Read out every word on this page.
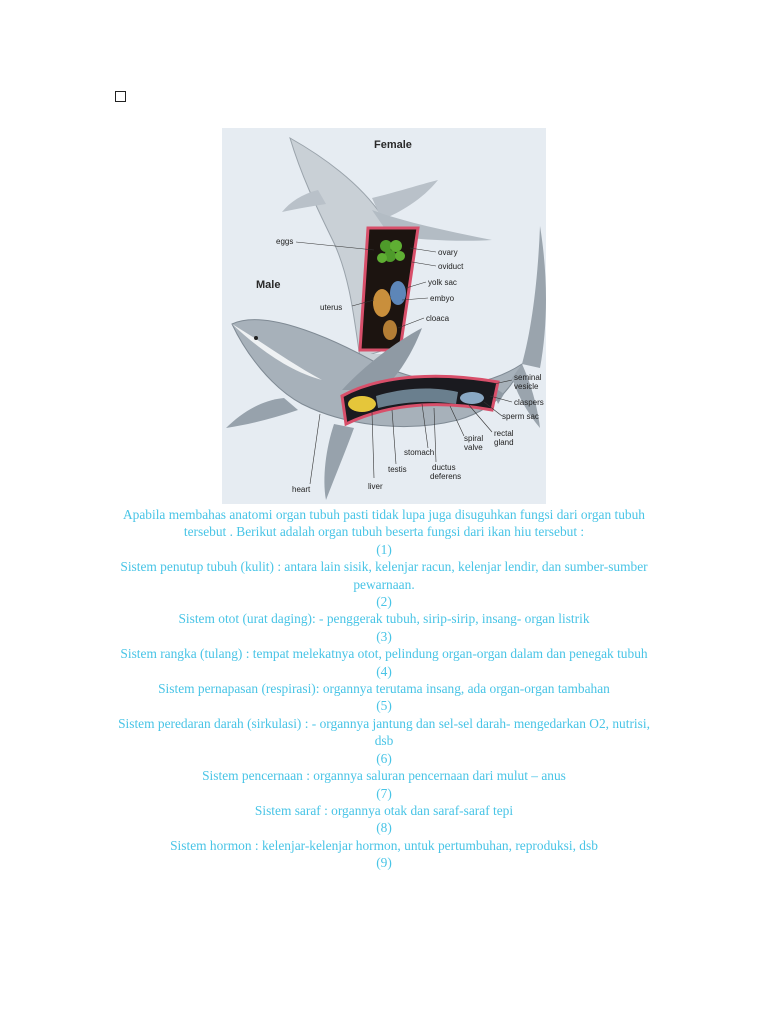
Female
Male
eggs
ovary
oviduct
yolk sac
embyo
uterus
cloaca
seminal
vesicle
claspers
sperm sac
rectal
gland
spiral
valve
stomach
ductus
deferens
testis
liver
heart

Apabila membahas anatomi organ tubuh pasti tidak lupa juga disuguhkan fungsi dari organ tubuh tersebut . Berikut adalah organ tubuh beserta fungsi dari ikan hiu tersebut :

(1)

Sistem penutup tubuh (kulit) : antara lain sisik, kelenjar racun, kelenjar lendir, dan sumber-sumber pewarnaan.

(2)

Sistem otot (urat daging): - penggerak tubuh, sirip-sirip, insang- organ listrik

(3)

Sistem rangka (tulang) : tempat melekatnya otot, pelindung organ-organ dalam dan penegak tubuh

(4)

Sistem pernapasan (respirasi): organnya terutama insang, ada organ-organ tambahan

(5)

Sistem peredaran darah (sirkulasi) : - organnya jantung dan sel-sel darah- mengedarkan O2, nutrisi, dsb

(6)

Sistem pencernaan : organnya saluran pencernaan dari mulut – anus

(7)

Sistem saraf : organnya otak dan saraf-saraf tepi

(8)

Sistem hormon : kelenjar-kelenjar hormon, untuk pertumbuhan, reproduksi, dsb

(9)
